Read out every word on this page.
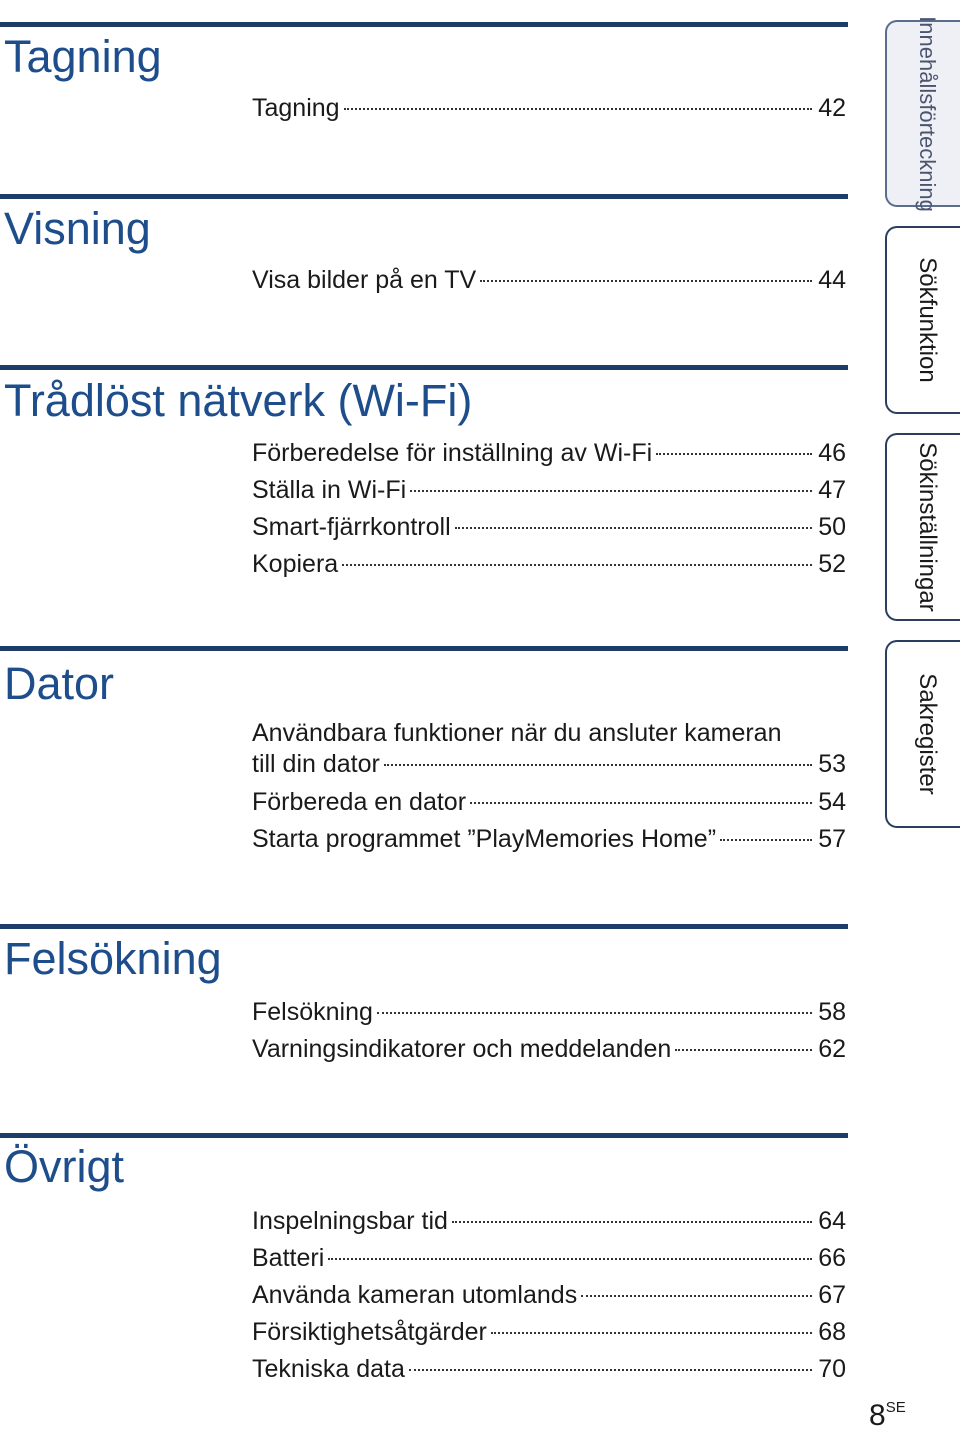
Tagning
Tagning	42
Visning
Visa bilder på en TV	44
Trådlöst nätverk (Wi-Fi)
Förberedelse för inställning av Wi-Fi	46
Ställa in Wi-Fi	47
Smart-fjärrkontroll	50
Kopiera	52
Dator
Användbara funktioner när du ansluter kameran
till din dator	53
Förbereda en dator	54
Starta programmet ”PlayMemories Home”	57
Felsökning
Felsökning	58
Varningsindikatorer och meddelanden	62
Övrigt
Inspelningsbar tid	64
Batteri	66
Använda kameran utomlands	67
Försiktighetsåtgärder	68
Tekniska data	70
Innehållsförteckning
Sökfunktion
Sökinställningar
Sakregister
$8^{SE}$
